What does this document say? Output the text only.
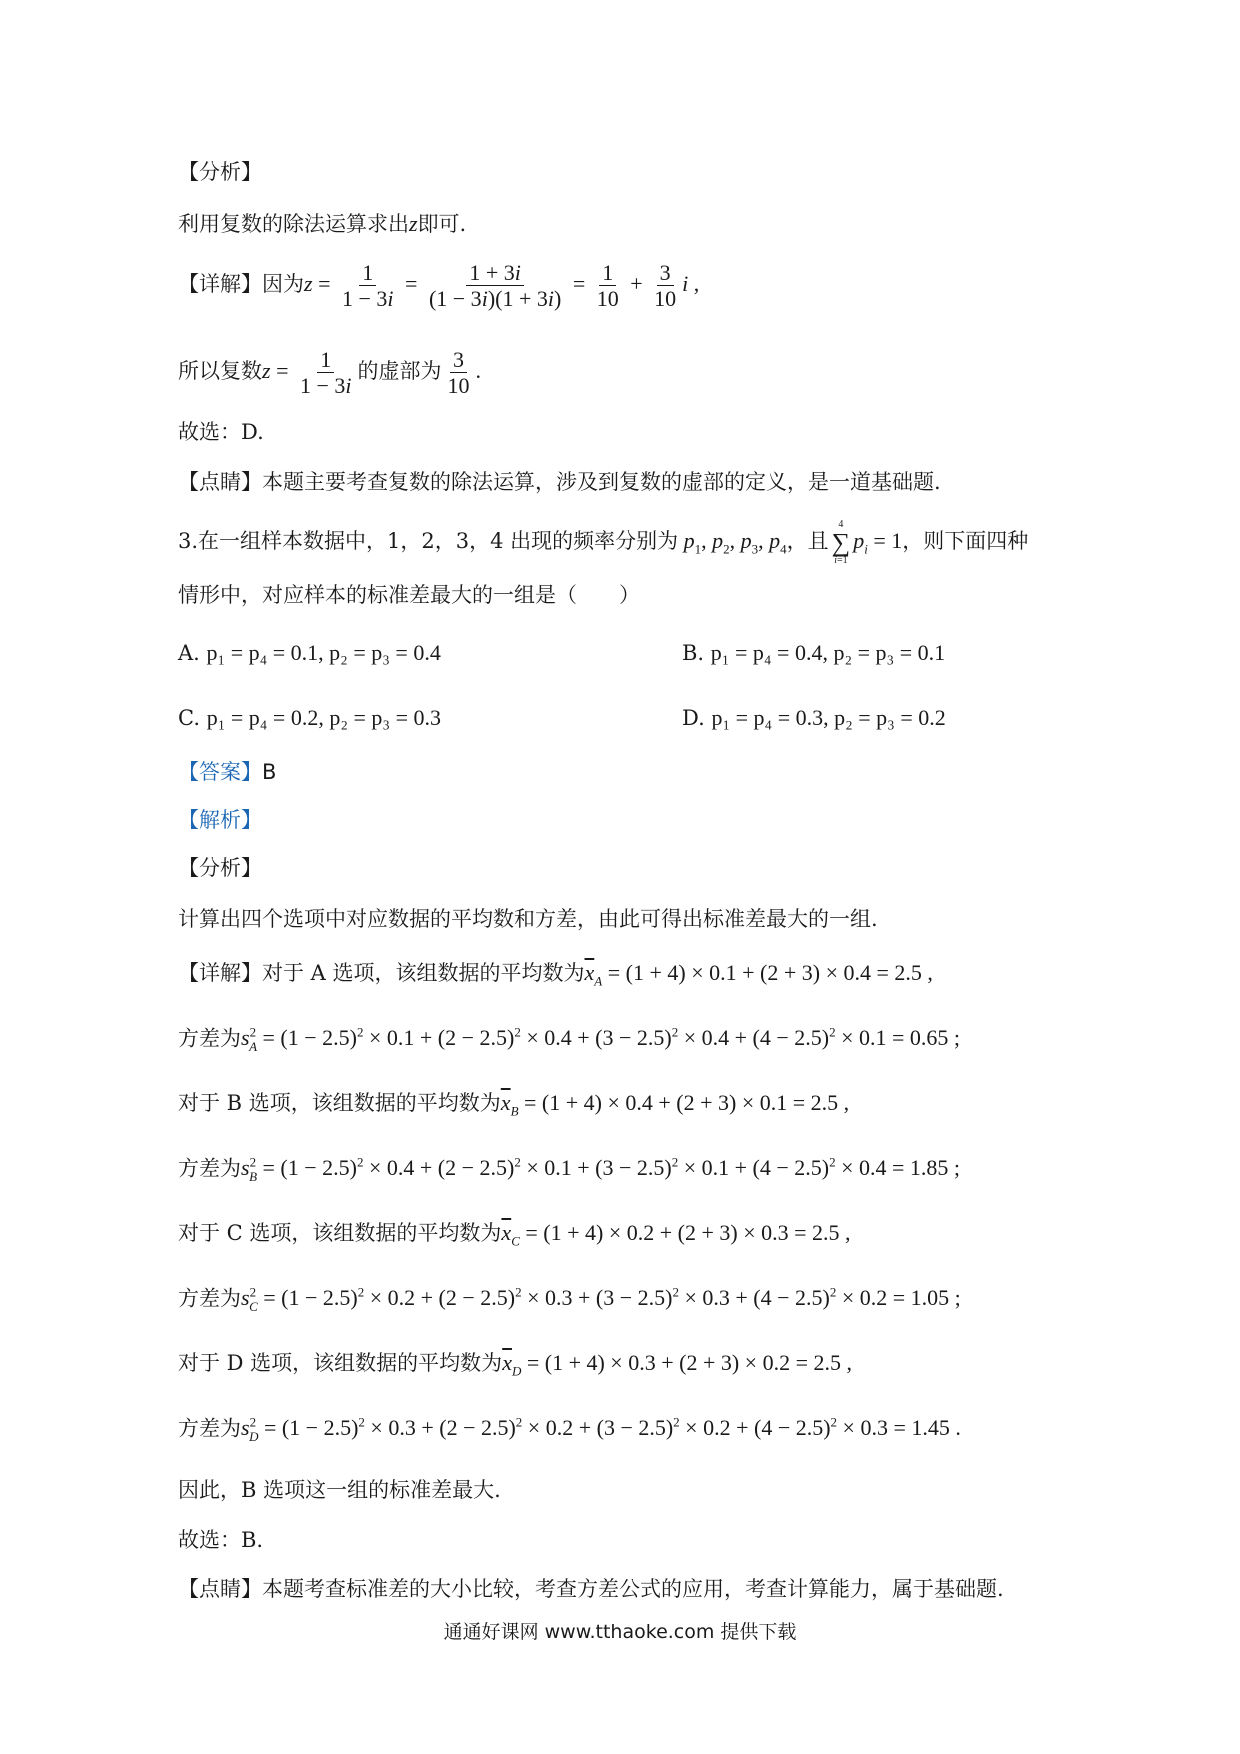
【分析】
利用复数的除法运算求出z即可.
【详解】因为$z = \frac{1}{1 - 3i} = \frac{1 + 3i}{(1 - 3i)(1 + 3i)} = \frac{1}{10} + \frac{3}{10}$ i ,
所以复数$z = \frac{1}{1 - 3i}$ 的虚部为 $\frac{3}{10}$ .
故选：D.
【点睛】本题主要考查复数的除法运算，涉及到复数的虚部的定义，是一道基础题.
3.在一组样本数据中，1，2，3，4 出现的频率分别为 $p_1$, $p_2$, $p_3$, $p_4$，且
4
∑
i=1
$p_i = 1$，则下面四种
情形中，对应样本的标准差最大的一组是（　　）
A. p₁ = p₄ = 0.1, p₂ = p₃ = 0.4	B. p₁ = p₄ = 0.4, p₂ = p₃ = 0.1
C. p₁ = p₄ = 0.2, p₂ = p₃ = 0.3	D. p₁ = p₄ = 0.3, p₂ = p₃ = 0.2
【答案】B
【解析】
【分析】
计算出四个选项中对应数据的平均数和方差，由此可得出标准差最大的一组.
【详解】对于 A 选项，该组数据的平均数为$\overline{x}_A = (1 + 4) \times 0.1 + (2 + 3) \times 0.4 = 2.5$ ,
方差为$s^2_A = (1 - 2.5)^2 \times 0.1 + (2 - 2.5)^2 \times 0.4 + (3 - 2.5)^2 \times 0.4 + (4 - 2.5)^2 \times 0.1 = 0.65$ ;
对于 B 选项，该组数据的平均数为$\overline{x}_B = (1 + 4) \times 0.4 + (2 + 3) \times 0.1 = 2.5$ ,
方差为$s^2_B = (1 - 2.5)^2 \times 0.4 + (2 - 2.5)^2 \times 0.1 + (3 - 2.5)^2 \times 0.1 + (4 - 2.5)^2 \times 0.4 = 1.85$ ;
对于 C 选项，该组数据的平均数为$\overline{x}_C = (1 + 4) \times 0.2 + (2 + 3) \times 0.3 = 2.5$ ,
方差为$s^2_C = (1 - 2.5)^2 \times 0.2 + (2 - 2.5)^2 \times 0.3 + (3 - 2.5)^2 \times 0.3 + (4 - 2.5)^2 \times 0.2 = 1.05$ ;
对于 D 选项，该组数据的平均数为$\overline{x}_D = (1 + 4) \times 0.3 + (2 + 3) \times 0.2 = 2.5$ ,
方差为$s^2_D = (1 - 2.5)^2 \times 0.3 + (2 - 2.5)^2 \times 0.2 + (3 - 2.5)^2 \times 0.2 + (4 - 2.5)^2 \times 0.3 = 1.45$ .
因此，B 选项这一组的标准差最大.
故选：B.
【点睛】本题考查标准差的大小比较，考查方差公式的应用，考查计算能力，属于基础题.
通通好课网 www.tthaoke.com 提供下载
